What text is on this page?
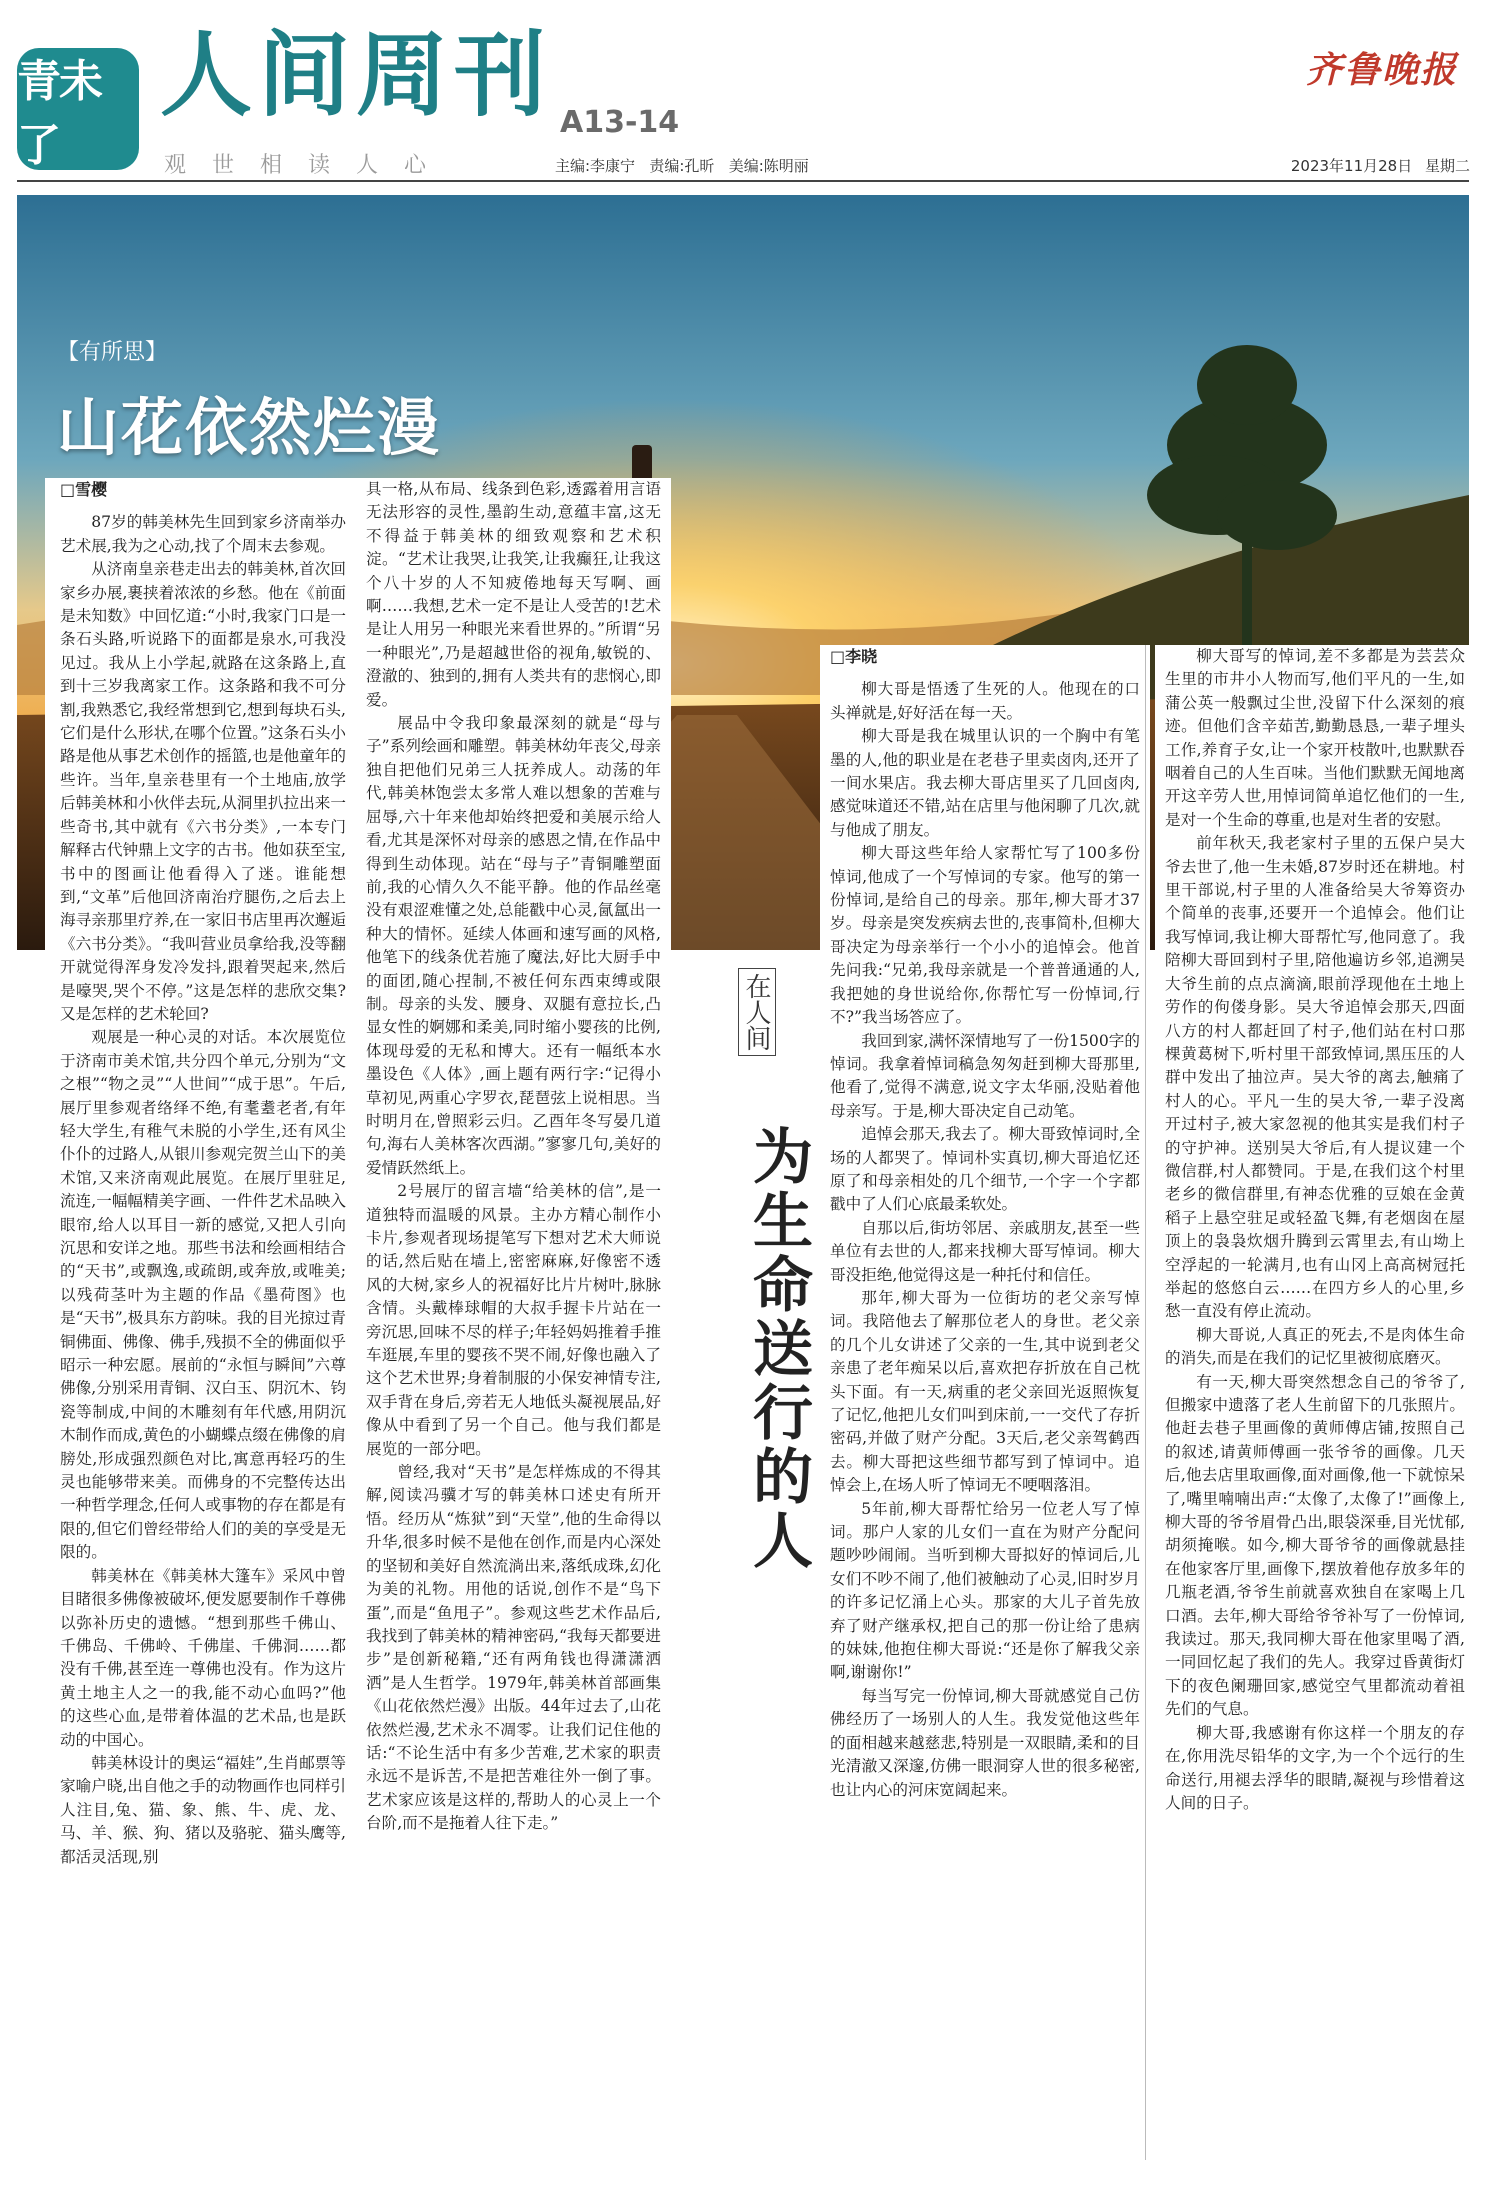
青未了
人间周刊 A13-14
观世相读人心	主编:李康宁   责编:孔昕   美编:陈明丽
齐鲁晚报
2023年11月28日 星期二
【有所思】
山花依然烂漫
□雪樱

87岁的韩美林先生回到家乡济南举办艺术展,我为之心动,找了个周末去参观。

从济南皇亲巷走出去的韩美林,首次回家乡办展,裹挟着浓浓的乡愁。他在《前面是未知数》中回忆道:“小时,我家门口是一条石头路,听说路下的面都是泉水,可我没见过。我从上小学起,就路在这条路上,直到十三岁我离家工作。这条路和我不可分割,我熟悉它,我经常想到它,想到每块石头,它们是什么形状,在哪个位置。”这条石头小路是他从事艺术创作的摇篮,也是他童年的些许。当年,皇亲巷里有一个土地庙,放学后韩美林和小伙伴去玩,从洞里扒拉出来一些奇书,其中就有《六书分类》,一本专门解释古代钟鼎上文字的古书。他如获至宝,书中的图画让他看得入了迷。谁能想到,“文革”后他回济南治疗腿伤,之后去上海寻亲那里疗养,在一家旧书店里再次邂逅《六书分类》。“我叫营业员拿给我,没等翻开就觉得浑身发冷发抖,跟着哭起来,然后是嚎哭,哭个不停。”这是怎样的悲欣交集?又是怎样的艺术轮回?

观展是一种心灵的对话。本次展览位于济南市美术馆,共分四个单元,分别为“文之根”“物之灵”“人世间”“成于思”。午后,展厅里参观者络绎不绝,有耄耋老者,有年轻大学生,有稚气未脱的小学生,还有风尘仆仆的过路人,从银川参观完贺兰山下的美术馆,又来济南观此展览。在展厅里驻足,流连,一幅幅精美字画、一件件艺术品映入眼帘,给人以耳目一新的感觉,又把人引向沉思和安详之地。那些书法和绘画相结合的“天书”,或飘逸,或疏朗,或奔放,或唯美;以残荷茎叶为主题的作品《墨荷图》也是“天书”,极具东方韵味。我的目光掠过青铜佛面、佛像、佛手,残损不全的佛面似乎昭示一种宏愿。展前的“永恒与瞬间”六尊佛像,分别采用青铜、汉白玉、阴沉木、钧瓷等制成,中间的木雕刻有年代感,用阴沉木制作而成,黄色的小蝴蝶点缀在佛像的肩膀处,形成强烈颜色对比,寓意再轻巧的生灵也能够带来美。而佛身的不完整传达出一种哲学理念,任何人或事物的存在都是有限的,但它们曾经带给人们的美的享受是无限的。

韩美林在《韩美林大篷车》采风中曾目睹很多佛像被破坏,便发愿要制作千尊佛以弥补历史的遗憾。“想到那些千佛山、千佛岛、千佛岭、千佛崖、千佛洞……都没有千佛,甚至连一尊佛也没有。作为这片黄土地主人之一的我,能不动心血吗?”他的这些心血,是带着体温的艺术品,也是跃动的中国心。

韩美林设计的奥运“福娃”,生肖邮票等家喻户晓,出自他之手的动物画作也同样引人注目,兔、猫、象、熊、牛、虎、龙、马、羊、猴、狗、猪以及骆驼、猫头鹰等,都活灵活现,别

具一格,从布局、线条到色彩,透露着用言语无法形容的灵性,墨韵生动,意蕴丰富,这无不得益于韩美林的细致观察和艺术积淀。“艺术让我哭,让我笑,让我癫狂,让我这个八十岁的人不知疲倦地每天写啊、画啊……我想,艺术一定不是让人受苦的!艺术是让人用另一种眼光来看世界的。”所谓“另一种眼光”,乃是超越世俗的视角,敏锐的、澄澈的、独到的,拥有人类共有的悲悯心,即爱。

展品中令我印象最深刻的就是“母与子”系列绘画和雕塑。韩美林幼年丧父,母亲独自把他们兄弟三人抚养成人。动荡的年代,韩美林饱尝太多常人难以想象的苦难与屈辱,六十年来他却始终把爱和美展示给人看,尤其是深怀对母亲的感恩之情,在作品中得到生动体现。站在“母与子”青铜雕塑面前,我的心情久久不能平静。他的作品丝毫没有艰涩难懂之处,总能戳中心灵,氤氲出一种大的情怀。延续人体画和速写画的风格,他笔下的线条优若施了魔法,好比大厨手中的面团,随心捏制,不被任何东西束缚或限制。母亲的头发、腰身、双腿有意拉长,凸显女性的婀娜和柔美,同时缩小婴孩的比例,体现母爱的无私和博大。还有一幅纸本水墨设色《人体》,画上题有两行字:“记得小草初见,两重心字罗衣,琵琶弦上说相思。当时明月在,曾照彩云归。乙酉年冬写晏几道句,海右人美林客次西湖。”寥寥几句,美好的爱情跃然纸上。

2号展厅的留言墙“给美林的信”,是一道独特而温暖的风景。主办方精心制作小卡片,参观者现场提笔写下想对艺术大师说的话,然后贴在墙上,密密麻麻,好像密不透风的大树,家乡人的祝福好比片片树叶,脉脉含情。头戴棒球帽的大叔手握卡片站在一旁沉思,回味不尽的样子;年轻妈妈推着手推车逛展,车里的婴孩不哭不闹,好像也融入了这个艺术世界;身着制服的小保安神情专注,双手背在身后,旁若无人地低头凝视展品,好像从中看到了另一个自己。他与我们都是展览的一部分吧。

曾经,我对“天书”是怎样炼成的不得其解,阅读冯骥才写的韩美林口述史有所开悟。经历从“炼狱”到“天堂”,他的生命得以升华,很多时候不是他在创作,而是内心深处的坚韧和美好自然流淌出来,落纸成珠,幻化为美的礼物。用他的话说,创作不是“鸟下蛋”,而是“鱼甩子”。参观这些艺术作品后,我找到了韩美林的精神密码,“我每天都要进步”是创新秘籍,“还有两角钱也得潇潇洒洒”是人生哲学。1979年,韩美林首部画集《山花依然烂漫》出版。44年过去了,山花依然烂漫,艺术永不凋零。让我们记住他的话:“不论生活中有多少苦难,艺术家的职责永远不是诉苦,不是把苦难往外一倒了事。艺术家应该是这样的,帮助人的心灵上一个台阶,而不是拖着人往下走。”

在人间
为生命送行的人
□李晓

柳大哥是悟透了生死的人。他现在的口头禅就是,好好活在每一天。

柳大哥是我在城里认识的一个胸中有笔墨的人,他的职业是在老巷子里卖卤肉,还开了一间水果店。我去柳大哥店里买了几回卤肉,感觉味道还不错,站在店里与他闲聊了几次,就与他成了朋友。

柳大哥这些年给人家帮忙写了100多份悼词,他成了一个写悼词的专家。他写的第一份悼词,是给自己的母亲。那年,柳大哥才37岁。母亲是突发疾病去世的,丧事简朴,但柳大哥决定为母亲举行一个小小的追悼会。他首先问我:“兄弟,我母亲就是一个普普通通的人,我把她的身世说给你,你帮忙写一份悼词,行不?”我当场答应了。

我回到家,满怀深情地写了一份1500字的悼词。我拿着悼词稿急匆匆赶到柳大哥那里,他看了,觉得不满意,说文字太华丽,没贴着他母亲写。于是,柳大哥决定自己动笔。

追悼会那天,我去了。柳大哥致悼词时,全场的人都哭了。悼词朴实真切,柳大哥追忆还原了和母亲相处的几个细节,一个字一个字都戳中了人们心底最柔软处。

自那以后,街坊邻居、亲戚朋友,甚至一些单位有去世的人,都来找柳大哥写悼词。柳大哥没拒绝,他觉得这是一种托付和信任。

那年,柳大哥为一位街坊的老父亲写悼词。我陪他去了解那位老人的身世。老父亲的几个儿女讲述了父亲的一生,其中说到老父亲患了老年痴呆以后,喜欢把存折放在自己枕头下面。有一天,病重的老父亲回光返照恢复了记忆,他把儿女们叫到床前,一一交代了存折密码,并做了财产分配。3天后,老父亲驾鹤西去。柳大哥把这些细节都写到了悼词中。追悼会上,在场人听了悼词无不哽咽落泪。

5年前,柳大哥帮忙给另一位老人写了悼词。那户人家的儿女们一直在为财产分配问题吵吵闹闹。当听到柳大哥拟好的悼词后,儿女们不吵不闹了,他们被触动了心灵,旧时岁月的许多记忆涌上心头。那家的大儿子首先放弃了财产继承权,把自己的那一份让给了患病的妹妹,他抱住柳大哥说:“还是你了解我父亲啊,谢谢你!”

每当写完一份悼词,柳大哥就感觉自己仿佛经历了一场别人的人生。我发觉他这些年的面相越来越慈悲,特别是一双眼睛,柔和的目光清澈又深邃,仿佛一眼洞穿人世的很多秘密,也让内心的河床宽阔起来。

柳大哥写的悼词,差不多都是为芸芸众生里的市井小人物而写,他们平凡的一生,如蒲公英一般飘过尘世,没留下什么深刻的痕迹。但他们含辛茹苦,勤勤恳恳,一辈子埋头工作,养育子女,让一个家开枝散叶,也默默吞咽着自己的人生百味。当他们默默无闻地离开这辛劳人世,用悼词简单追忆他们的一生,是对一个生命的尊重,也是对生者的安慰。

前年秋天,我老家村子里的五保户吴大爷去世了,他一生未婚,87岁时还在耕地。村里干部说,村子里的人准备给吴大爷筹资办个简单的丧事,还要开一个追悼会。他们让我写悼词,我让柳大哥帮忙写,他同意了。我陪柳大哥回到村子里,陪他遍访乡邻,追溯吴大爷生前的点点滴滴,眼前浮现他在土地上劳作的佝偻身影。吴大爷追悼会那天,四面八方的村人都赶回了村子,他们站在村口那棵黄葛树下,听村里干部致悼词,黑压压的人群中发出了抽泣声。吴大爷的离去,触痛了村人的心。平凡一生的吴大爷,一辈子没离开过村子,被大家忽视的他其实是我们村子的守护神。送别吴大爷后,有人提议建一个微信群,村人都赞同。于是,在我们这个村里老乡的微信群里,有神态优雅的豆娘在金黄稻子上悬空驻足或轻盈飞舞,有老烟囱在屋顶上的袅袅炊烟升腾到云霄里去,有山坳上空浮起的一轮满月,也有山冈上高高树冠托举起的悠悠白云……在四方乡人的心里,乡愁一直没有停止流动。

柳大哥说,人真正的死去,不是肉体生命的消失,而是在我们的记忆里被彻底磨灭。

有一天,柳大哥突然想念自己的爷爷了,但搬家中遗落了老人生前留下的几张照片。他赶去巷子里画像的黄师傅店铺,按照自己的叙述,请黄师傅画一张爷爷的画像。几天后,他去店里取画像,面对画像,他一下就惊呆了,嘴里喃喃出声:“太像了,太像了!”画像上,柳大哥的爷爷眉骨凸出,眼袋深垂,目光忧郁,胡须掩喉。如今,柳大哥爷爷的画像就悬挂在他家客厅里,画像下,摆放着他存放多年的几瓶老酒,爷爷生前就喜欢独自在家喝上几口酒。去年,柳大哥给爷爷补写了一份悼词,我读过。那天,我同柳大哥在他家里喝了酒,一同回忆起了我们的先人。我穿过昏黄街灯下的夜色阑珊回家,感觉空气里都流动着祖先们的气息。

柳大哥,我感谢有你这样一个朋友的存在,你用洗尽铅华的文字,为一个个远行的生命送行,用褪去浮华的眼睛,凝视与珍惜着这人间的日子。
